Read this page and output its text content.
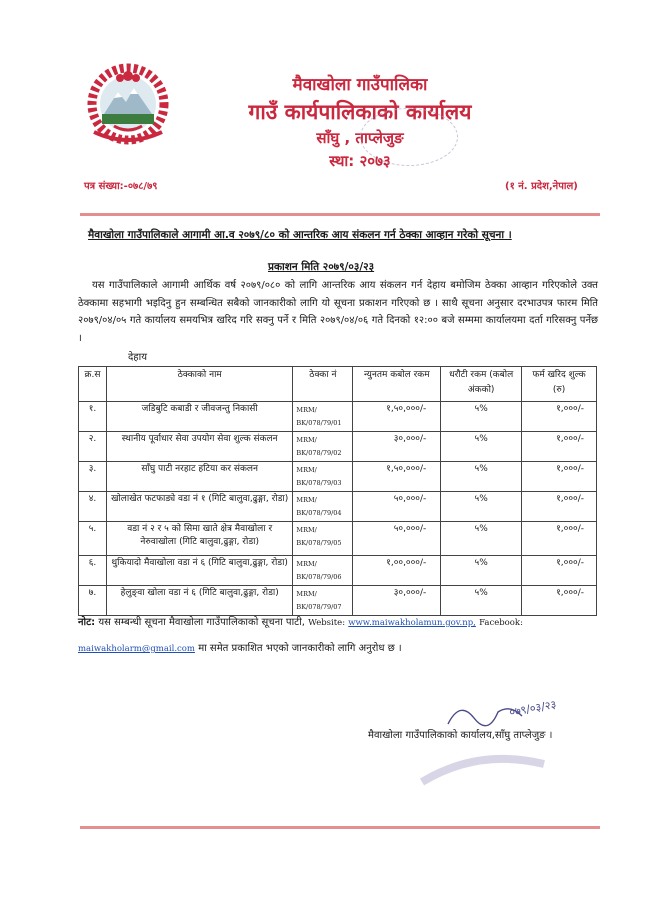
मैवाखोला गाउँपालिका
गाउँ कार्यपालिकाको कार्यालय
साँघु , ताप्लेजुङ
स्था: २०७३
पत्र संख्या:-०७८/७९	(१ नं. प्रदेश,नेपाल)
मैवाखोला गाउँपालिकाले आगामी आ.व २०७९/८० को आन्तरिक आय संकलन गर्न ठेक्का आव्हान गरेको सूचना ।
प्रकाशन मिति २०७९/०३/२३
यस गाउँपालिकाले आगामी आर्थिक वर्ष २०७९/०८० को लागि आन्तरिक आय संकलन गर्न देहाय बमोजिम ठेक्का आव्हान गरिएकोले उक्त ठेक्कामा सहभागी भइदिनु हुन सम्बन्धित सबैको जानकारीको लागि यो सूचना प्रकाशन गरिएको छ । साथै सूचना अनुसार दरभाउपत्र फारम मिति २०७९/०४/०५ गते कार्यालय समयभित्र खरिद गरि सक्नु पर्ने र मिति २०७९/०४/०६ गते दिनको १२:०० बजे सम्ममा कार्यालयमा दर्ता गरिसक्नु पर्नेछ ।
देहाय
क्र.स	ठेक्काको नाम	ठेक्का नं	न्युनतम कबोल रकम	धरौटी रकम (कबोल अंकको)	फर्म खरिद शुल्क (रु)
१.	जडिबुटि कबाडी र जीवजन्तु निकासी	MRM/ BK/078/79/01	१,५०,०००/-	५%	१,०००/-
२.	स्थानीय पूर्वाधार सेवा उपयोग सेवा शुल्क संकलन	MRM/ BK/078/79/02	३०,०००/-	५%	१,०००/-
३.	साँघु पाटी नरहाट हटिया कर संकलन	MRM/ BK/078/79/03	१,५०,०००/-	५%	१,०००/-
४.	खोलाखेत फटफाड्ये वडा नं १ (गिटि बालुवा,ढुङ्गा, रोडा)	MRM/ BK/078/79/04	५०,०००/-	५%	१,०००/-
५.	वडा नं २ र ५ को सिमा खाते क्षेत्र मैवाखोला र नेरुवाखोला (गिटि बालुवा,ढुङ्गा, रोडा)	MRM/ BK/078/79/05	५०,०००/-	५%	१,०००/-
६.	थुकियादो मैवाखोला वडा नं ६ (गिटि बालुवा,ढुङ्गा, रोडा)	MRM/ BK/078/79/06	१,००,०००/-	५%	१,०००/-
७.	हेलुङ्वा खोला वडा नं ६ (गिटि बालुवा,ढुङ्गा, रोडा)	MRM/ BK/078/79/07	३०,०००/-	५%	१,०००/-
नोट: यस सम्बन्धी सूचना मैवाखोला गाउँपालिकाको सूचना पाटी, Website: www.maiwakholamun.gov.np, Facebook:
maiwakholarm@gmail.com मा समेत प्रकाशित भएको जानकारीको लागि अनुरोध छ ।
०७९/०३/२३
मैवाखोला गाउँपालिकाको कार्यालय,साँघु ताप्लेजुङ ।
